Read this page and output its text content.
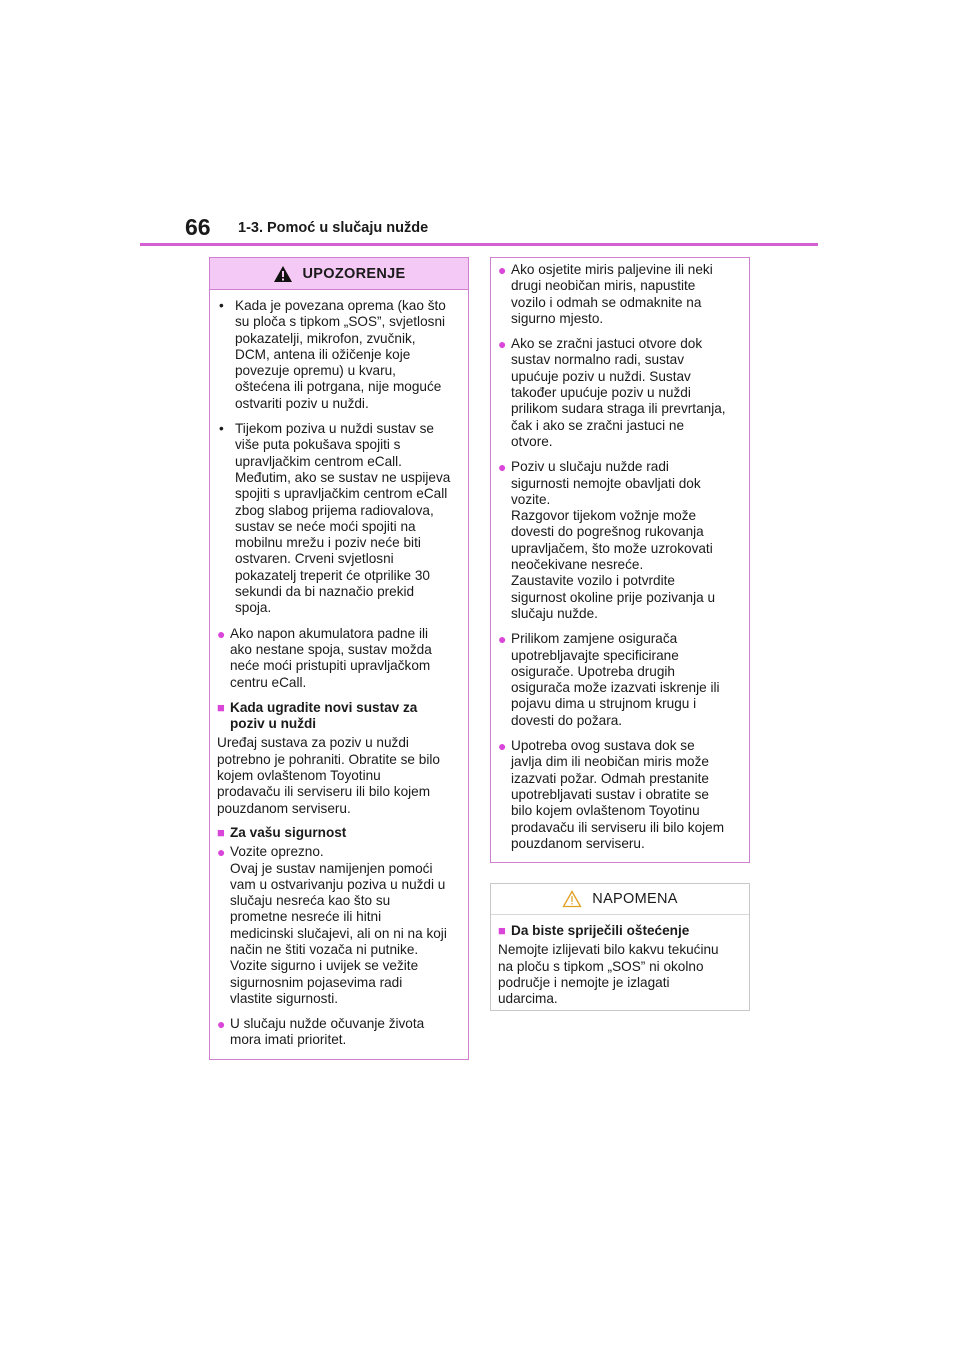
66 1-3. Pomoć u slučaju nužde
UPOZORENJE
• Kada je povezana oprema (kao što
su ploča s tipkom „SOS”, svjetlosni
pokazatelji, mikrofon, zvučnik,
DCM, antena ili ožičenje koje
povezuje opremu) u kvaru,
oštećena ili potrgana, nije moguće
ostvariti poziv u nuždi.
• Tijekom poziva u nuždi sustav se
više puta pokušava spojiti s
upravljačkim centrom eCall.
Međutim, ako se sustav ne uspijeva
spojiti s upravljačkim centrom eCall
zbog slabog prijema radiovalova,
sustav se neće moći spojiti na
mobilnu mrežu i poziv neće biti
ostvaren. Crveni svjetlosni
pokazatelj treperit će otprilike 30
sekundi da bi naznačio prekid
spoja.
● Ako napon akumulatora padne ili
ako nestane spoja, sustav možda
neće moći pristupiti upravljačkom
centru eCall.
■ Kada ugradite novi sustav za
poziv u nuždi
Uređaj sustava za poziv u nuždi
potrebno je pohraniti. Obratite se bilo
kojem ovlaštenom Toyotinu
prodavaču ili serviseru ili bilo kojem
pouzdanom serviseru.
■ Za vašu sigurnost
● Vozite oprezno.
Ovaj je sustav namijenjen pomoći
vam u ostvarivanju poziva u nuždi u
slučaju nesreća kao što su
prometne nesreće ili hitni
medicinski slučajevi, ali on ni na koji
način ne štiti vozača ni putnike.
Vozite sigurno i uvijek se vežite
sigurnosnim pojasevima radi
vlastite sigurnosti.
● U slučaju nužde očuvanje života
mora imati prioritet.
● Ako osjetite miris paljevine ili neki
drugi neobičan miris, napustite
vozilo i odmah se odmaknite na
sigurno mjesto.
● Ako se zračni jastuci otvore dok
sustav normalno radi, sustav
upućuje poziv u nuždi. Sustav
također upućuje poziv u nuždi
prilikom sudara straga ili prevrtanja,
čak i ako se zračni jastuci ne
otvore.
● Poziv u slučaju nužde radi
sigurnosti nemojte obavljati dok
vozite.
Razgovor tijekom vožnje može
dovesti do pogrešnog rukovanja
upravljačem, što može uzrokovati
neočekivane nesreće.
Zaustavite vozilo i potvrdite
sigurnost okoline prije pozivanja u
slučaju nužde.
● Prilikom zamjene osigurača
upotrebljavajte specificirane
osigurače. Upotreba drugih
osigurača može izazvati iskrenje ili
pojavu dima u strujnom krugu i
dovesti do požara.
● Upotreba ovog sustava dok se
javlja dim ili neobičan miris može
izazvati požar. Odmah prestanite
upotrebljavati sustav i obratite se
bilo kojem ovlaštenom Toyotinu
prodavaču ili serviseru ili bilo kojem
pouzdanom serviseru.
NAPOMENA
■ Da biste spriječili oštećenje
Nemojte izlijevati bilo kakvu tekućinu
na ploču s tipkom „SOS” ni okolno
područje i nemojte je izlagati
udarcima.
